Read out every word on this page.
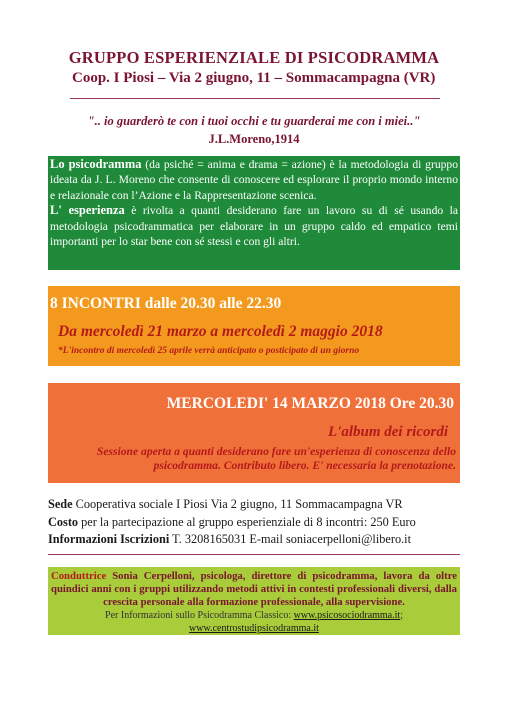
GRUPPO ESPERIENZIALE DI PSICODRAMMA
Coop. I Piosi – Via 2 giugno, 11 – Sommacampagna (VR)
".. io guarderò te con i tuoi occhi e tu guarderai me con i miei.."
J.L.Moreno,1914

Lo psicodramma (da psiché = anima e drama = azione) è la metodologia di gruppo ideata da J. L. Moreno che consente di conoscere ed esplorare il proprio mondo interno e relazionale con l’Azione e la Rappresentazione scenica.

L' esperienza è rivolta a quanti desiderano fare un lavoro su di sé usando la metodologia psicodrammatica per elaborare in un gruppo caldo ed empatico temi importanti per lo star bene con sé stessi e con gli altri.

8 INCONTRI dalle 20.30 alle 22.30
Da mercoledì 21 marzo a mercoledì 2 maggio 2018
*L'incontro di mercoledì 25 aprile verrà anticipato o posticipato di un giorno
MERCOLEDI' 14 MARZO 2018 Ore 20.30
L'album dei ricordi
Sessione aperta a quanti desiderano fare un'esperienza di conoscenza dello psicodramma. Contributo libero. E' necessaria la prenotazione.
Sede Cooperativa sociale I Piosi Via 2 giugno, 11 Sommacampagna VR
Costo per la partecipazione al gruppo esperienziale di 8 incontri: 250 Euro
Informazioni Iscrizioni T. 3208165031 E-mail soniacerpelloni@libero.it
Conduttrice Sonia Cerpelloni, psicologa, direttore di psicodramma, lavora da oltre quindici anni con i gruppi utilizzando metodi attivi in contesti professionali diversi, dalla crescita personale alla formazione professionale, alla supervisione.
Per Informazioni sullo Psicodramma Classico: www.psicosociodramma.it;
www.centrostudipsicodramma.it
